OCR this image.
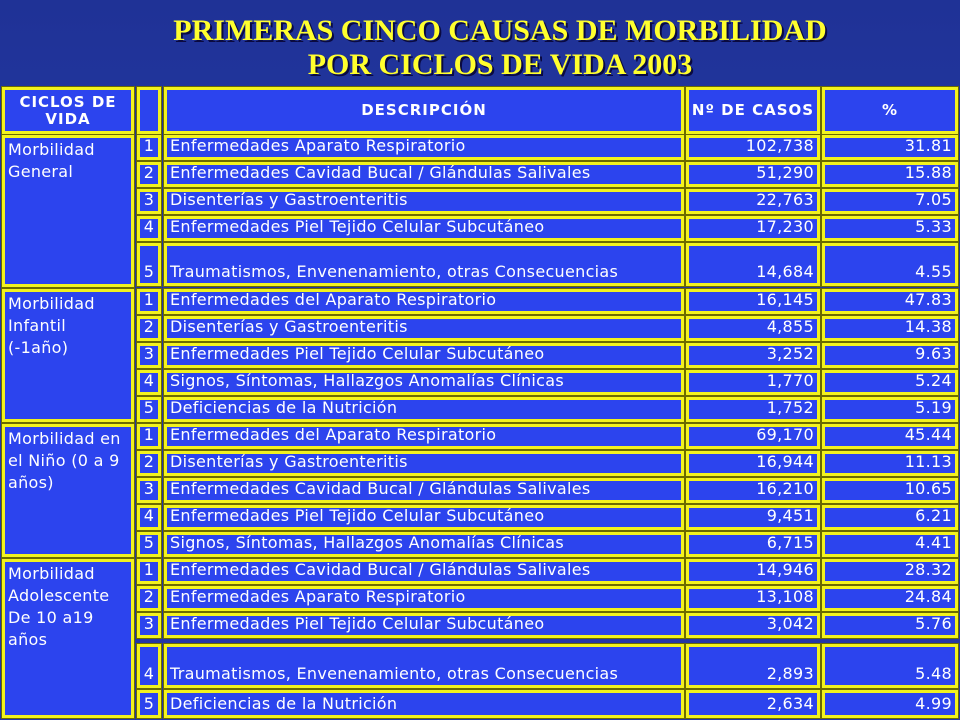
PRIMERAS CINCO CAUSAS DE MORBILIDAD
POR CICLOS DE VIDA 2003
CICLOS DE VIDA	DESCRIPCIÓN	Nº DE CASOS	%
Morbilidad General
1 Enfermedades Aparato Respiratorio	102,738	31.81
2 Enfermedades Cavidad Bucal / Glándulas Salivales	51,290	15.88
3 Disenterías y Gastroenteritis	22,763	7.05
4 Enfermedades Piel Tejido Celular Subcutáneo	17,230	5.33
5 Traumatismos, Envenenamiento, otras Consecuencias	14,684	4.55
Morbilidad Infantil (-1año)
1 Enfermedades del Aparato Respiratorio	16,145	47.83
2 Disenterías y Gastroenteritis	4,855	14.38
3 Enfermedades Piel Tejido Celular Subcutáneo	3,252	9.63
4 Signos, Síntomas, Hallazgos Anomalías Clínicas	1,770	5.24
5 Deficiencias de la Nutrición	1,752	5.19
Morbilidad en el Niño (0 a 9 años)
1 Enfermedades del Aparato Respiratorio	69,170	45.44
2 Disenterías y Gastroenteritis	16,944	11.13
3 Enfermedades Cavidad Bucal / Glándulas Salivales	16,210	10.65
4 Enfermedades Piel Tejido Celular Subcutáneo	9,451	6.21
5 Signos, Síntomas, Hallazgos Anomalías Clínicas	6,715	4.41
Morbilidad Adolescente De 10 a19 años
1 Enfermedades Cavidad Bucal / Glándulas Salivales	14,946	28.32
2 Enfermedades Aparato Respiratorio	13,108	24.84
3 Enfermedades Piel Tejido Celular Subcutáneo	3,042	5.76
4 Traumatismos, Envenenamiento, otras Consecuencias	2,893	5.48
5 Deficiencias de la Nutrición	2,634	4.99
